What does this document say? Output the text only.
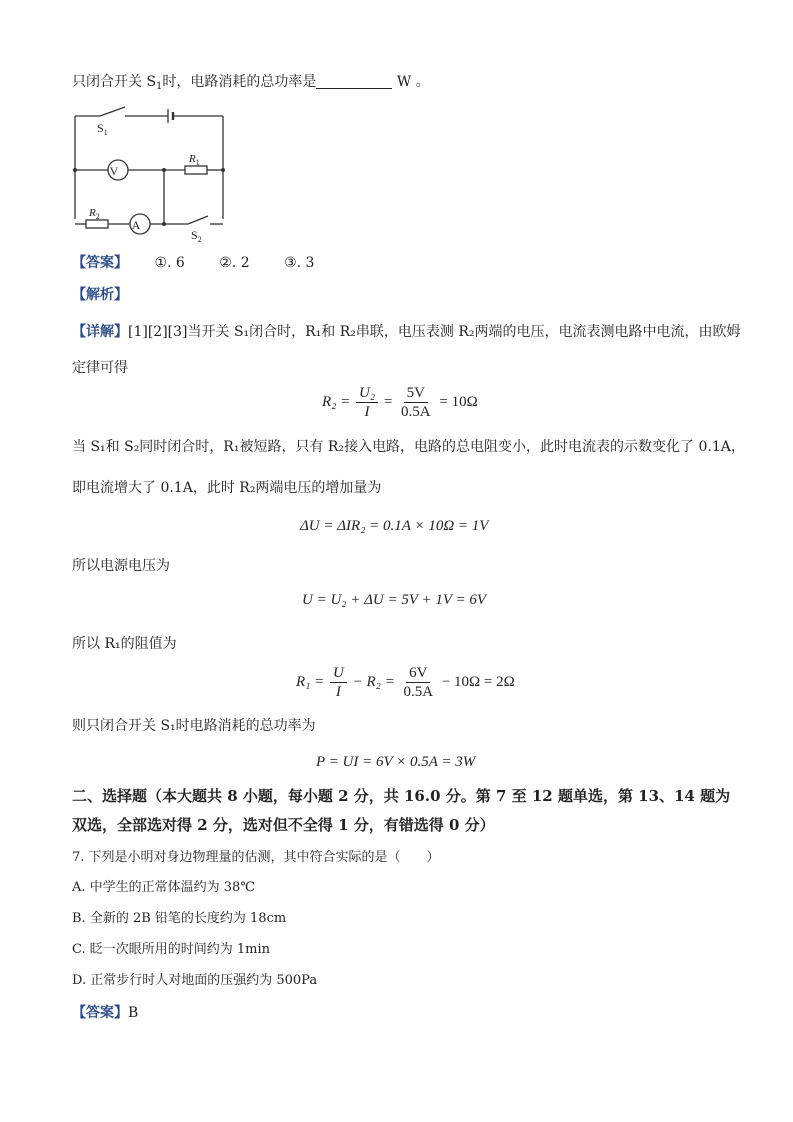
只闭合开关 $S_1$时，电路消耗的总功率是	W 。
$S_1$
V
$R_1$
$R_2$
A
$S_2$
【答案】 ①. 6 ②. 2 ③. 3
【解析】
【详解】[1][2][3]当开关 S₁闭合时，R₁和 R₂串联，电压表测 R₂两端的电压，电流表测电路中电流，由欧姆
定律可得
$R_2 = \frac{\text{U₂}}{I} = \frac{5V}{0.5A} = 10\Omega$
当 S₁和 S₂同时闭合时，R₁被短路，只有 R₂接入电路，电路的总电阻变小，此时电流表的示数变化了 0.1A，
即电流增大了 0.1A，此时 R₂两端电压的增加量为
ΔU = ΔIR₂ = 0.1A × 10Ω = 1V
所以电源电压为
U = U₂ + ΔU = 5V + 1V = 6V
所以 R₁的阻值为
$R_1 = \frac{U}{I} - R_2 = \frac{6V}{0.5A} - 10\Omega = 2\Omega$
则只闭合开关 S₁时电路消耗的总功率为
P = UI = 6V × 0.5A = 3W
二、选择题（本大题共 8 小题，每小题 2 分，共 16.0 分。第 7 至 12 题单选，第 13、14 题为
双选，全部选对得 2 分，选对但不全得 1 分，有错选得 0 分）
7. 下列是小明对身边物理量的估测，其中符合实际的是（　　）
A. 中学生的正常体温约为 38℃
B. 全新的 2B 铅笔的长度约为 18cm
C. 眨一次眼所用的时间约为 1min
D. 正常步行时人对地面的压强约为 500Pa
【答案】B
